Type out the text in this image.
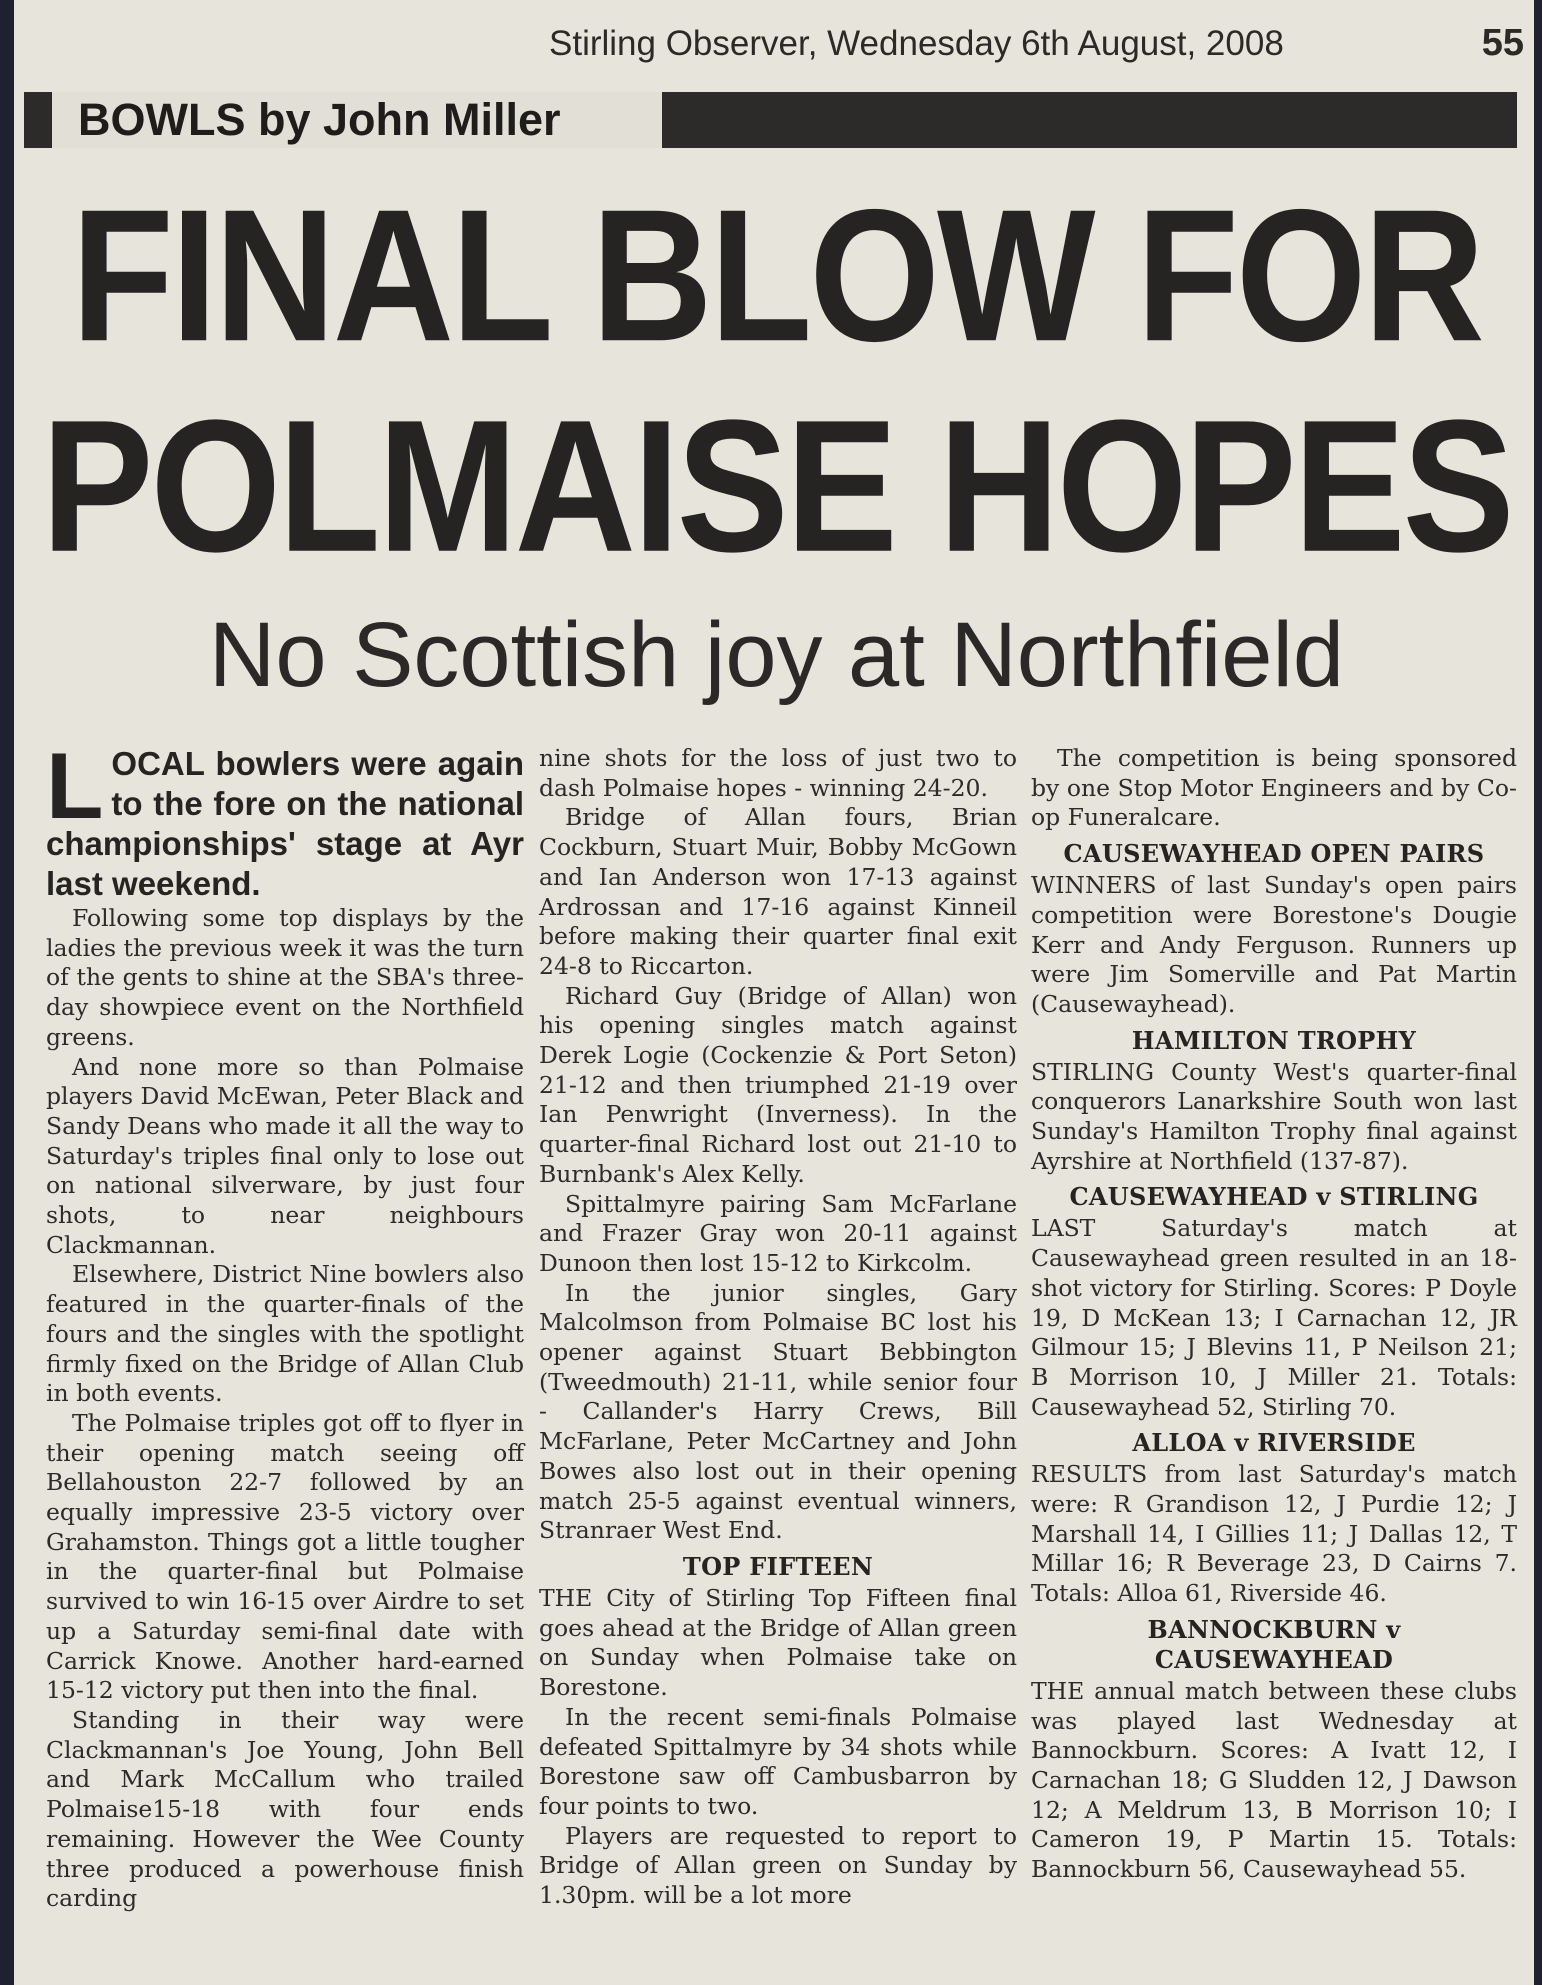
Stirling Observer, Wednesday 6th August, 2008	55
BOWLS by John Miller
FINAL BLOW FOR
POLMAISE HOPES
No Scottish joy at Northfield

LOCAL bowlers were again to the fore on the national championships' stage at Ayr last weekend.

Following some top displays by the ladies the previous week it was the turn of the gents to shine at the SBA's three-day showpiece event on the Northfield greens.

And none more so than Polmaise players David McEwan, Peter Black and Sandy Deans who made it all the way to Saturday's triples final only to lose out on national silverware, by just four shots, to near neighbours Clackmannan.

Elsewhere, District Nine bowlers also featured in the quarter-finals of the fours and the singles with the spotlight firmly fixed on the Bridge of Allan Club in both events.

The Polmaise triples got off to flyer in their opening match seeing off Bellahouston 22-7 followed by an equally impressive 23-5 victory over Grahamston. Things got a little tougher in the quarter-final but Polmaise survived to win 16-15 over Airdre to set up a Saturday semi-final date with Carrick Knowe. Another hard-earned 15-12 victory put then into the final.

Standing in their way were Clackmannan's Joe Young, John Bell and Mark McCallum who trailed Polmaise15-18 with four ends remaining. However the Wee County three produced a powerhouse finish carding

nine shots for the loss of just two to dash Polmaise hopes - winning 24-20.

Bridge of Allan fours, Brian Cockburn, Stuart Muir, Bobby McGown and Ian Anderson won 17-13 against Ardrossan and 17-16 against Kinneil before making their quarter final exit 24-8 to Riccarton.

Richard Guy (Bridge of Allan) won his opening singles match against Derek Logie (Cockenzie & Port Seton) 21-12 and then triumphed 21-19 over Ian Penwright (Inverness). In the quarter-final Richard lost out 21-10 to Burnbank's Alex Kelly.

Spittalmyre pairing Sam McFarlane and Frazer Gray won 20-11 against Dunoon then lost 15-12 to Kirkcolm.

In the junior singles, Gary Malcolmson from Polmaise BC lost his opener against Stuart Bebbington (Tweedmouth) 21-11, while senior four - Callander's Harry Crews, Bill McFarlane, Peter McCartney and John Bowes also lost out in their opening match 25-5 against eventual winners, Stranraer West End.

TOP FIFTEEN

THE City of Stirling Top Fifteen final goes ahead at the Bridge of Allan green on Sunday when Polmaise take on Borestone.

In the recent semi-finals Polmaise defeated Spittalmyre by 34 shots while Borestone saw off Cambusbarron by four points to two.

Players are requested to report to Bridge of Allan green on Sunday by 1.30pm. will be a lot more

The competition is being sponsored by one Stop Motor Engineers and by Co-op Funeralcare.

CAUSEWAYHEAD OPEN PAIRS

WINNERS of last Sunday's open pairs competition were Borestone's Dougie Kerr and Andy Ferguson. Runners up were Jim Somerville and Pat Martin (Causewayhead).

HAMILTON TROPHY

STIRLING County West's quarter-final conquerors Lanarkshire South won last Sunday's Hamilton Trophy final against Ayrshire at Northfield (137-87).

CAUSEWAYHEAD v STIRLING

LAST Saturday's match at Causewayhead green resulted in an 18-shot victory for Stirling. Scores: P Doyle 19, D McKean 13; I Carnachan 12, JR Gilmour 15; J Blevins 11, P Neilson 21; B Morrison 10, J Miller 21. Totals: Causewayhead 52, Stirling 70.

ALLOA v RIVERSIDE

RESULTS from last Saturday's match were: R Grandison 12, J Purdie 12; J Marshall 14, I Gillies 11; J Dallas 12, T Millar 16; R Beverage 23, D Cairns 7. Totals: Alloa 61, Riverside 46.

BANNOCKBURN v
CAUSEWAYHEAD

THE annual match between these clubs was played last Wednesday at Bannockburn. Scores: A Ivatt 12, I Carnachan 18; G Sludden 12, J Dawson 12; A Meldrum 13, B Morrison 10; I Cameron 19, P Martin 15. Totals: Bannockburn 56, Causewayhead 55.
